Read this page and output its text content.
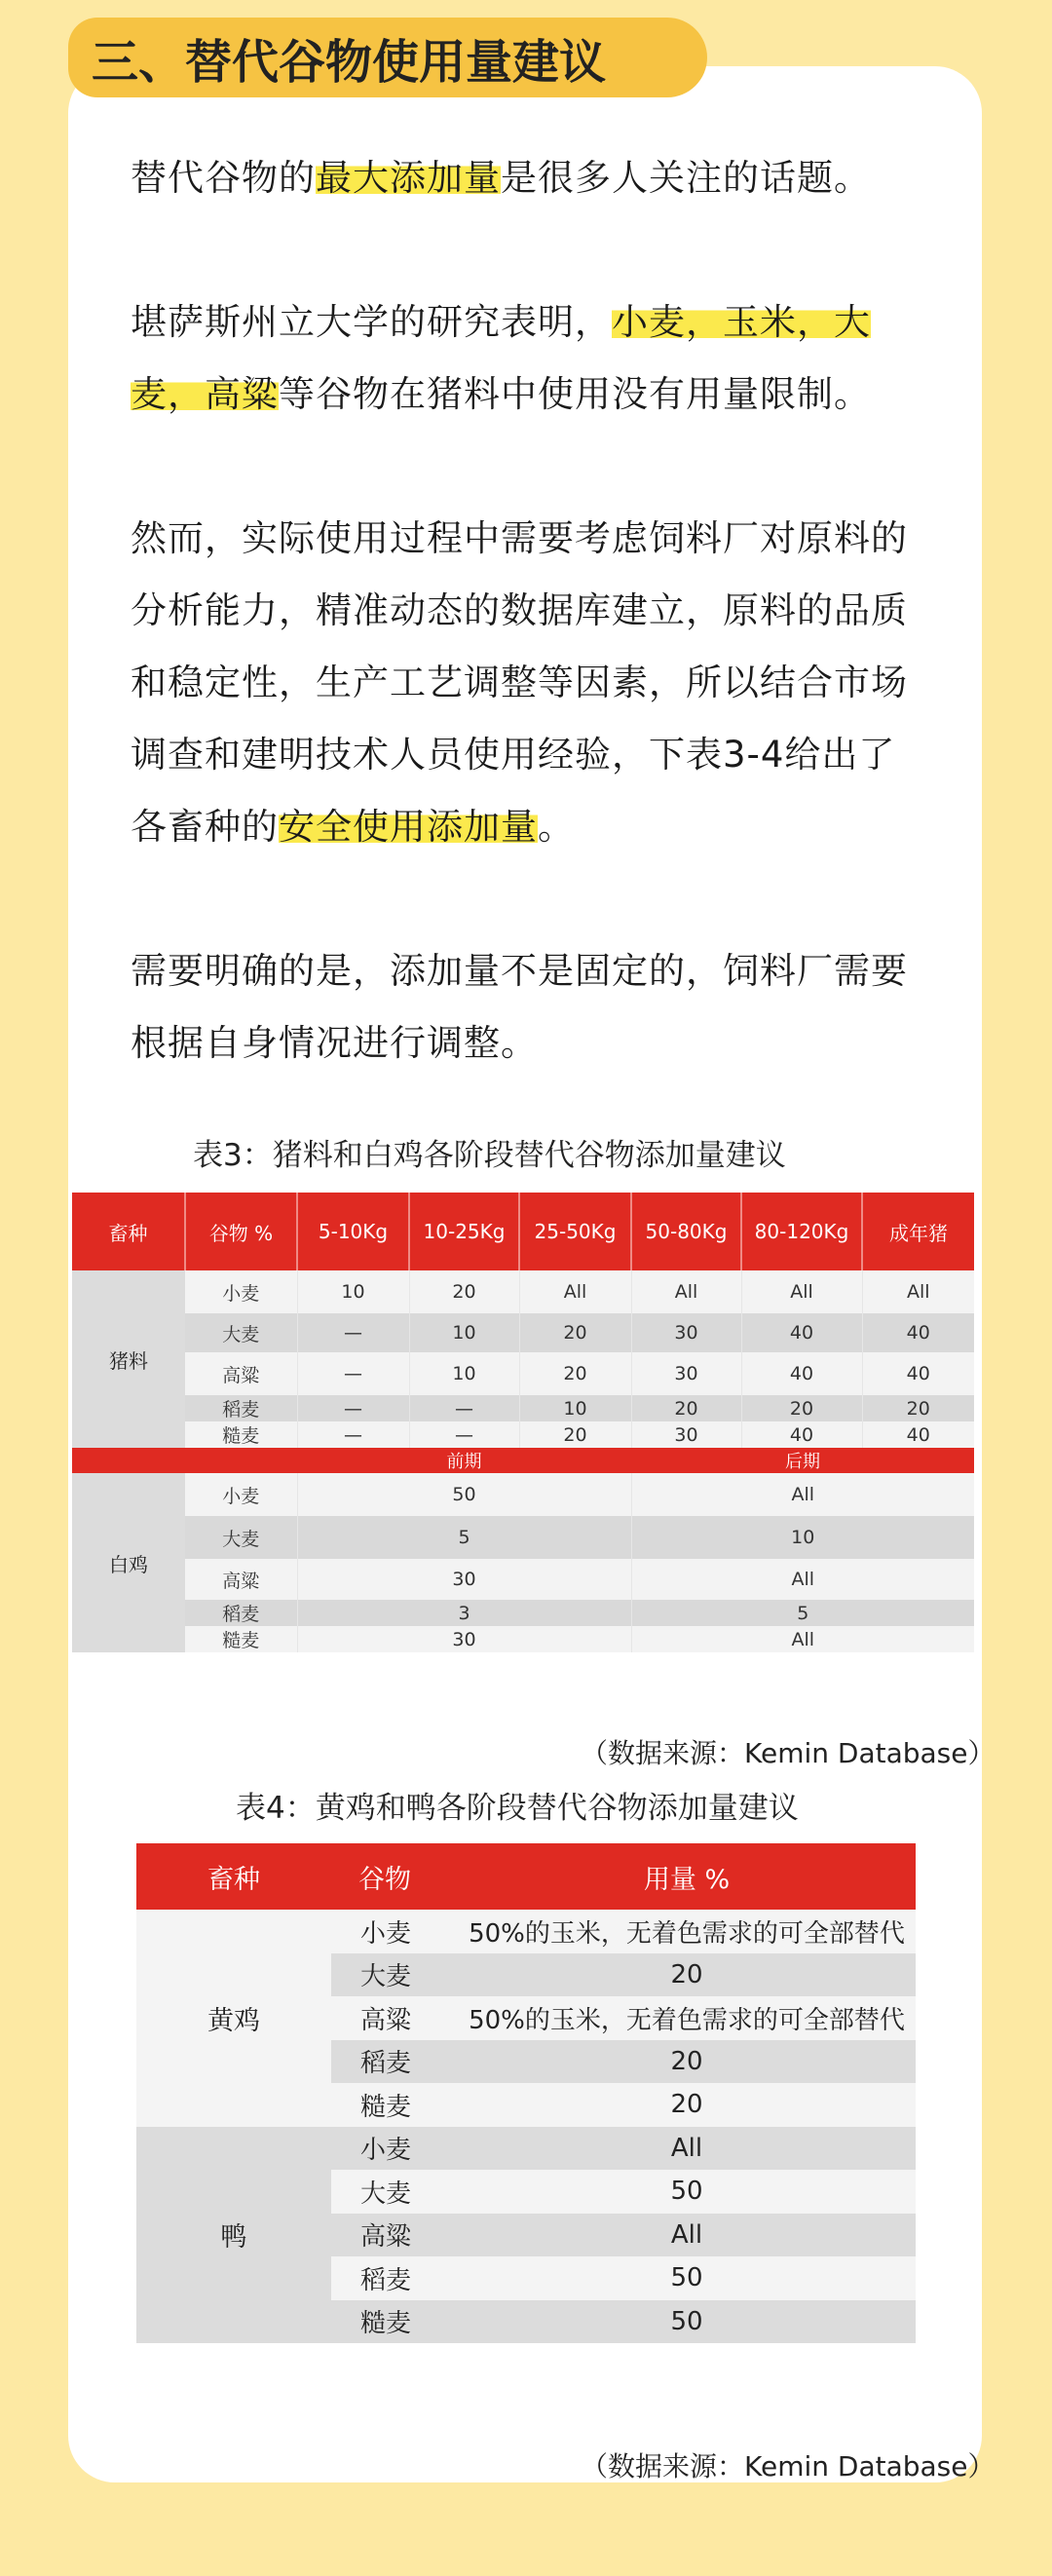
三、替代谷物使用量建议

替代谷物的最大添加量是很多人关注的话题。

堪萨斯州立大学的研究表明，小麦，玉米，大麦，高粱等谷物在猪料中使用没有用量限制。

然而，实际使用过程中需要考虑饲料厂对原料的分析能力，精准动态的数据库建立，原料的品质和稳定性，生产工艺调整等因素，所以结合市场调查和建明技术人员使用经验，下表3-4给出了各畜种的安全使用添加量。

需要明确的是，添加量不是固定的，饲料厂需要根据自身情况进行调整。

表3：猪料和白鸡各阶段替代谷物添加量建议
畜种	谷物 %	5-10Kg	10-25Kg	25-50Kg	50-80Kg	80-120Kg	成年猪
猪料	小麦	10	20	All	All	All	All
	大麦	—	10	20	30	40	40
	高粱	—	10	20	30	40	40
	稻麦	—	—	10	20	20	20
	糙麦	—	—	20	30	40	40
		前期			后期		
白鸡	小麦	50			All		
	大麦	5			10		
	高粱	30			All		
	稻麦	3			5		
	糙麦	30			All		
（数据来源：Kemin Database）
表4：黄鸡和鸭各阶段替代谷物添加量建议
畜种	谷物	用量 %
黄鸡	小麦	50%的玉米，无着色需求的可全部替代
	大麦	20
	高粱	50%的玉米，无着色需求的可全部替代
	稻麦	20
	糙麦	20
鸭	小麦	All
	大麦	50
	高粱	All
	稻麦	50
	糙麦	50
（数据来源：Kemin Database）
